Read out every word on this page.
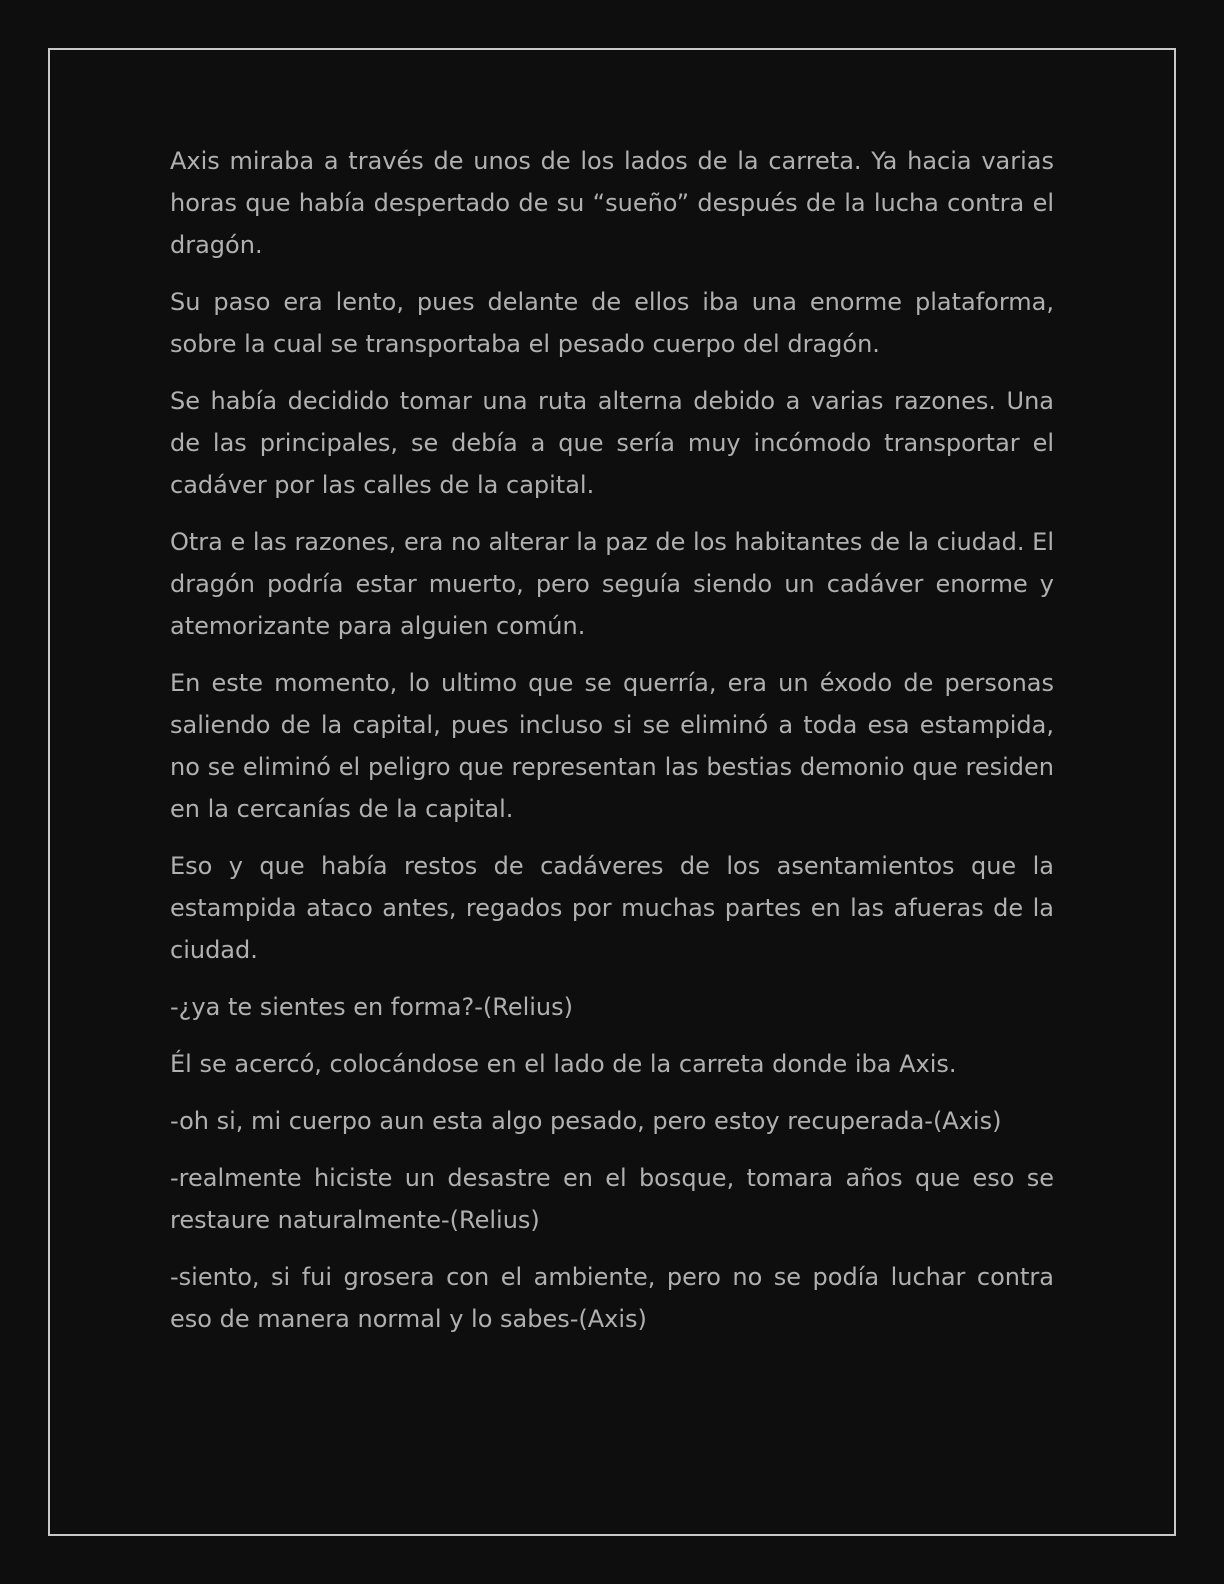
Axis miraba a través de unos de los lados de la carreta. Ya hacia varias horas que había despertado de su “sueño” después de la lucha contra el dragón.

Su paso era lento, pues delante de ellos iba una enorme plataforma, sobre la cual se transportaba el pesado cuerpo del dragón.

Se había decidido tomar una ruta alterna debido a varias razones. Una de las principales, se debía a que sería muy incómodo transportar el cadáver por las calles de la capital.

Otra e las razones, era no alterar la paz de los habitantes de la ciudad. El dragón podría estar muerto, pero seguía siendo un cadáver enorme y atemorizante para alguien común.

En este momento, lo ultimo que se querría, era un éxodo de personas saliendo de la capital, pues incluso si se eliminó a toda esa estampida, no se eliminó el peligro que representan las bestias demonio que residen en la cercanías de la capital.

Eso y que había restos de cadáveres de los asentamientos que la estampida ataco antes, regados por muchas partes en las afueras de la ciudad.

-¿ya te sientes en forma?-(Relius)

Él se acercó, colocándose en el lado de la carreta donde iba Axis.

-oh si, mi cuerpo aun esta algo pesado, pero estoy recuperada-(Axis)

-realmente hiciste un desastre en el bosque, tomara años que eso se restaure naturalmente-(Relius)

-siento, si fui grosera con el ambiente, pero no se podía luchar contra eso de manera normal y lo sabes-(Axis)
